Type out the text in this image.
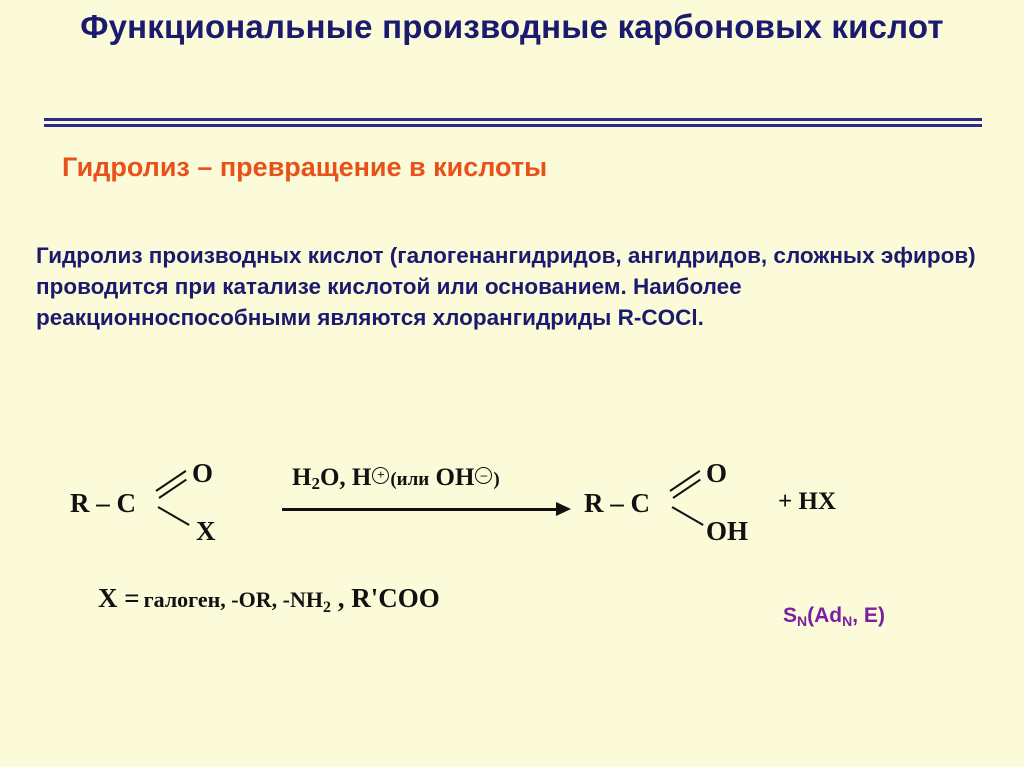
Функциональные производные карбоновых кислот
Гидролиз – превращение в кислоты
Гидролиз производных кислот (галогенангидридов, ангидридов, сложных эфиров) проводится при катализе кислотой или основанием. Наиболее реакционноспособными являются хлорангидриды R-COCl.
R – C
O
X
$H_2O$, H + (или OH – )
R – C
O
OH
+ HX
X = галоген, -OR, -NH2 , R'COO
$S_N(Ad_N$, E)
